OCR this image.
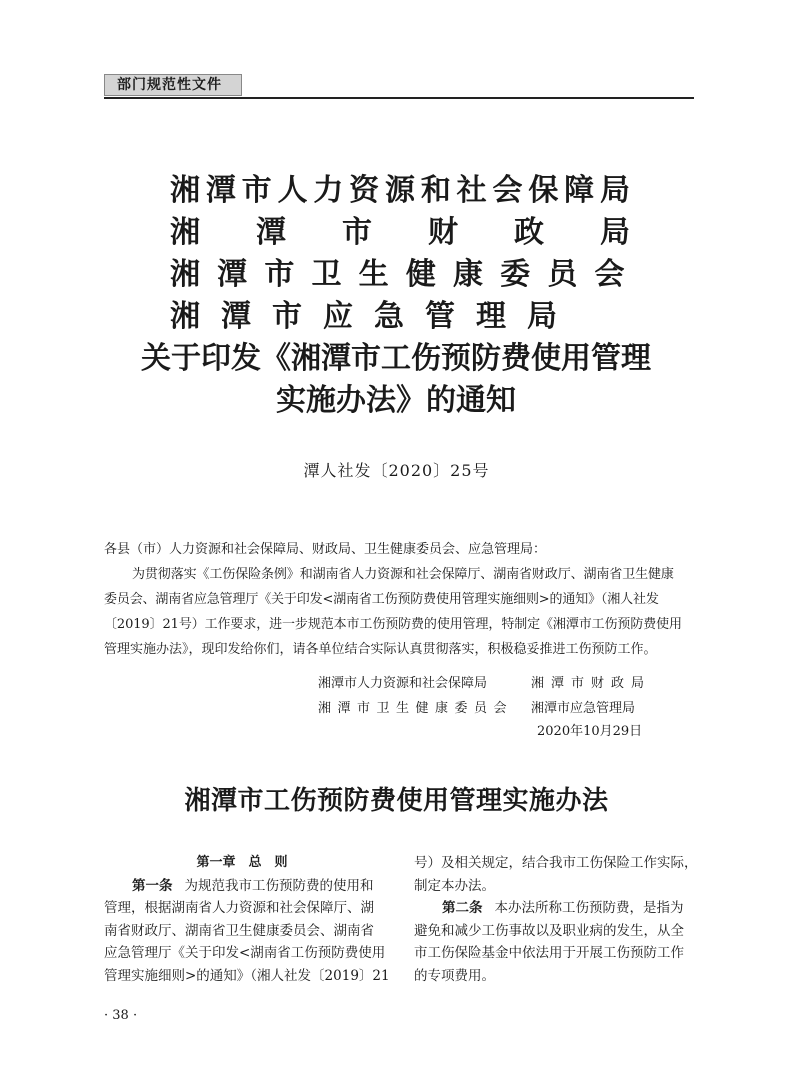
部门规范性文件
湘潭市人力资源和社会保障局
湘潭市财政局
湘潭市卫生健康委员会
湘潭市应急管理局
关于印发《湘潭市工伤预防费使用管理
实施办法》的通知
潭人社发〔2020〕25号
各县（市）人力资源和社会保障局、财政局、卫生健康委员会、应急管理局：
为贯彻落实《工伤保险条例》和湖南省人力资源和社会保障厅、湖南省财政厅、湖南省卫生健康
委员会、湖南省应急管理厅《关于印发<湖南省工伤预防费使用管理实施细则>的通知》（湘人社发
〔2019〕21号）工作要求，进一步规范本市工伤预防费的使用管理，特制定《湘潭市工伤预防费使用
管理实施办法》，现印发给你们，请各单位结合实际认真贯彻落实，积极稳妥推进工伤预防工作。
湘潭市人力资源和社会保障局	湘潭市财政局
湘潭市卫生健康委员会 湘潭市应急管理局
2020年10月29日
湘潭市工伤预防费使用管理实施办法
第一章　总　则
第一条 为规范我市工伤预防费的使用和
管理，根据湖南省人力资源和社会保障厅、湖
南省财政厅、湖南省卫生健康委员会、湖南省
应急管理厅《关于印发<湖南省工伤预防费使用
管理实施细则>的通知》（湘人社发〔2019〕21
号）及相关规定，结合我市工伤保险工作实际，
制定本办法。
第二条 本办法所称工伤预防费，是指为
避免和减少工伤事故以及职业病的发生，从全
市工伤保险基金中依法用于开展工伤预防工作
的专项费用。
· 38 ·
